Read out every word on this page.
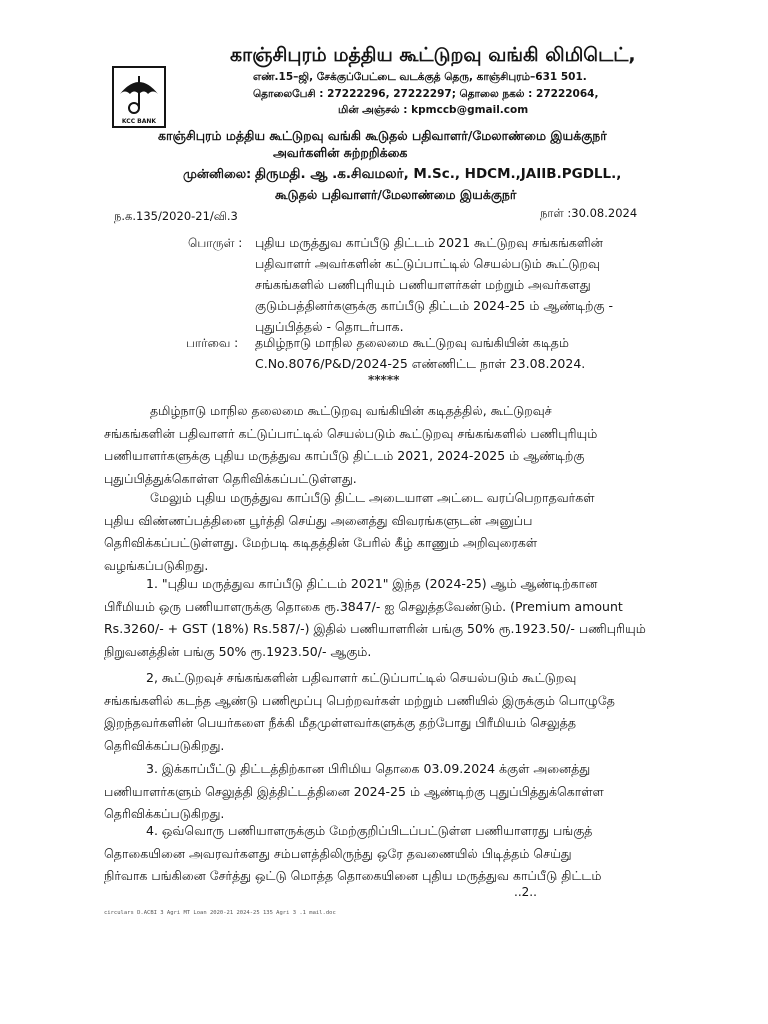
KCC BANK
காஞ்சிபுரம் மத்திய கூட்டுறவு வங்கி லிமிடெட்,
எண்.15–ஜி, சேக்குப்பேட்டை வடக்குத் தெரு, காஞ்சிபுரம்–631 501.
தொலைபேசி : 27222296, 27222297; தொலை நகல் : 27222064,
மின் அஞ்சல் : kpmccb@gmail.com
காஞ்சிபுரம் மத்திய கூட்டுறவு வங்கி கூடுதல் பதிவாளர்/மேலாண்மை இயக்குநர்
அவர்களின் சுற்றறிக்கை
முன்னிலை: திருமதி. ஆ .க.சிவமலர், M.Sc., HDCM.,JAIIB.PGDLL.,
கூடுதல் பதிவாளர்/மேலாண்மை இயக்குநர்
ந.க.135/2020-21/வி.3	நாள் :30.08.2024
பொருள் : புதிய மருத்துவ காப்பீடு திட்டம் 2021 கூட்டுறவு சங்கங்களின்
பதிவாளர் அவர்களின் கட்டுப்பாட்டில் செயல்படும் கூட்டுறவு
சங்கங்களில் பணிபுரியும் பணியாளர்கள் மற்றும் அவர்களது
குடும்பத்தினர்களுக்கு காப்பீடு திட்டம் 2024-25 ம் ஆண்டிற்கு -
புதுப்பித்தல் - தொடர்பாக.
பார்வை : தமிழ்நாடு மாநில தலைமை கூட்டுறவு வங்கியின் கடிதம்
C.No.8076/P&D/2024-25 எண்ணிட்ட நாள் 23.08.2024.
*****
தமிழ்நாடு மாநில தலைமை கூட்டுறவு வங்கியின் கடிதத்தில், கூட்டுறவுச்
சங்கங்களின் பதிவாளர் கட்டுப்பாட்டில் செயல்படும் கூட்டுறவு சங்கங்களில் பணிபுரியும்
பணியாளர்களுக்கு புதிய மருத்துவ காப்பீடு திட்டம் 2021, 2024-2025 ம் ஆண்டிற்கு
புதுப்பித்துக்கொள்ள தெரிவிக்கப்பட்டுள்ளது.
மேலும் புதிய மருத்துவ காப்பீடு திட்ட அடையாள அட்டை வரப்பெறாதவர்கள்
புதிய விண்ணப்பத்தினை பூர்த்தி செய்து அனைத்து விவரங்களுடன் அனுப்ப
தெரிவிக்கப்பட்டுள்ளது. மேற்படி கடிதத்தின் பேரில் கீழ் காணும் அறிவுரைகள்
வழங்கப்படுகிறது.
1. "புதிய மருத்துவ காப்பீடு திட்டம் 2021" இந்த (2024-25) ஆம் ஆண்டிற்கான
பிரீமியம் ஒரு பணியாளருக்கு தொகை ரூ.3847/- ஐ செலுத்தவேண்டும். (Premium amount
Rs.3260/- + GST (18%) Rs.587/-) இதில் பணியாளரின் பங்கு 50% ரூ.1923.50/- பணிபுரியும்
நிறுவனத்தின் பங்கு 50% ரூ.1923.50/- ஆகும்.
2, கூட்டுறவுச் சங்கங்களின் பதிவாளர் கட்டுப்பாட்டில் செயல்படும் கூட்டுறவு
சங்கங்களில் கடந்த ஆண்டு பணிமூப்பு பெற்றவர்கள் மற்றும் பணியில் இருக்கும் பொழுதே
இறந்தவர்களின் பெயர்களை நீக்கி மீதமுள்ளவர்களுக்கு தற்போது பிரீமியம் செலுத்த
தெரிவிக்கப்படுகிறது.
3. இக்காப்பீட்டு திட்டத்திற்கான பிரிமிய தொகை 03.09.2024 க்குள் அனைத்து
பணியாளர்களும் செலுத்தி இத்திட்டத்தினை 2024-25 ம் ஆண்டிற்கு புதுப்பித்துக்கொள்ள
தெரிவிக்கப்படுகிறது.
4. ஒவ்வொரு பணியாளருக்கும் மேற்குறிப்பிடப்பட்டுள்ள பணியாளரது பங்குத்
தொகையினை அவரவர்களது சம்பளத்திலிருந்து ஒரே தவணையில் பிடித்தம் செய்து
நிர்வாக பங்கினை சேர்த்து ஒட்டு மொத்த தொகையினை புதிய மருத்துவ காப்பீடு திட்டம்
..2..
circulars D.ACBI 3 Agri MT Loan 2020-21 2024-25 135 Agri 3 .1 mail.doc
